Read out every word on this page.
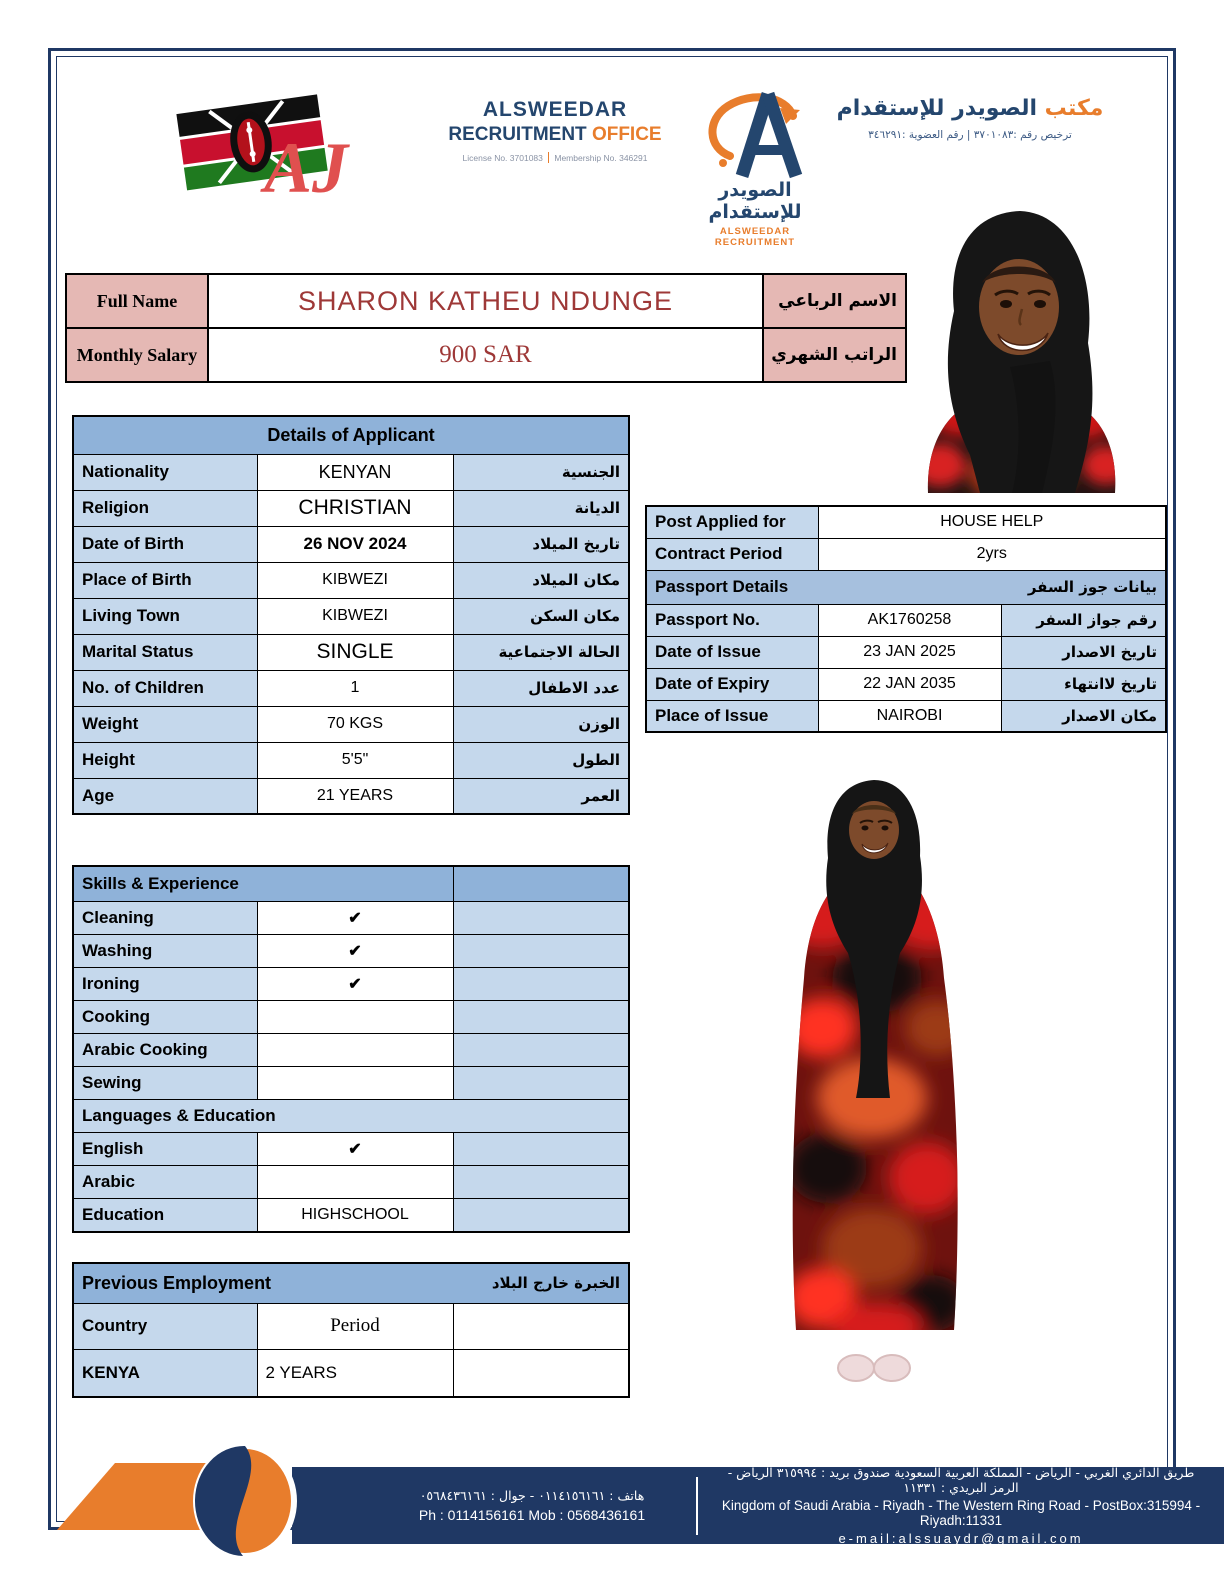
AJ
ALSWEEDAR
RECRUITMENT OFFICE
License No. 3701083 Membership No. 346291
الصويدر للإستقدام
ALSWEEDAR RECRUITMENT
مكتب الصويدر للإستقدام
ترخيص رقم :٣٧٠١٠٨٣ | رقم العضوية :٣٤٦٢٩١
Full Name	SHARON KATHEU NDUNGE	الاسم الرباعي
Monthly Salary	900 SAR	الراتب الشهري
Details of Applicant		
Nationality	KENYAN	الجنسية
Religion	CHRISTIAN	الديانة
Date of Birth	26 NOV 2024	تاريخ الميلاد
Place of Birth	KIBWEZI	مكان الميلاد
Living Town	KIBWEZI	مكان السكن
Marital Status	SINGLE	الحالة الاجتماعية
No. of Children	1	عدد الاطفال
Weight	70 KGS	الوزن
Height	5'5"	الطول
Age	21 YEARS	العمر
Post Applied for	HOUSE HELP	
Contract Period	2yrs	

Passport Details بيانات جوز السفر		

Passport No.	AK1760258	رقم جواز السفر
Date of Issue	23 JAN 2025	تاريخ الاصدار
Date of Expiry	22 JAN 2035	تاريخ لاانتهاء
Place of Issue	NAIROBI	مكان الاصدار
Skills & Experience		
Cleaning	✔	
Washing	✔	
Ironing	✔	
Cooking		
Arabic Cooking		
Sewing		
Languages & Education		
English	✔	
Arabic		
Education	HIGHSCHOOL	
Previous Employment الخبرة خارج البلاد		

Country	Period	
KENYA	2 YEARS	
هاتف : ٠١١٤١٥٦١٦١ - جوال : ٠٥٦٨٤٣٦١٦١
Ph : 0114156161 Mob : 0568436161
طريق الدائري الغربي - الرياض - المملكة العربية السعودية صندوق بريد : ٣١٥٩٩٤ الرياض - الرمز البريدي : ١١٣٣١
Kingdom of Saudi Arabia - Riyadh - The Western Ring Road - PostBox:315994 - Riyadh:11331
e-mail:alssuaydr@gmail.com
